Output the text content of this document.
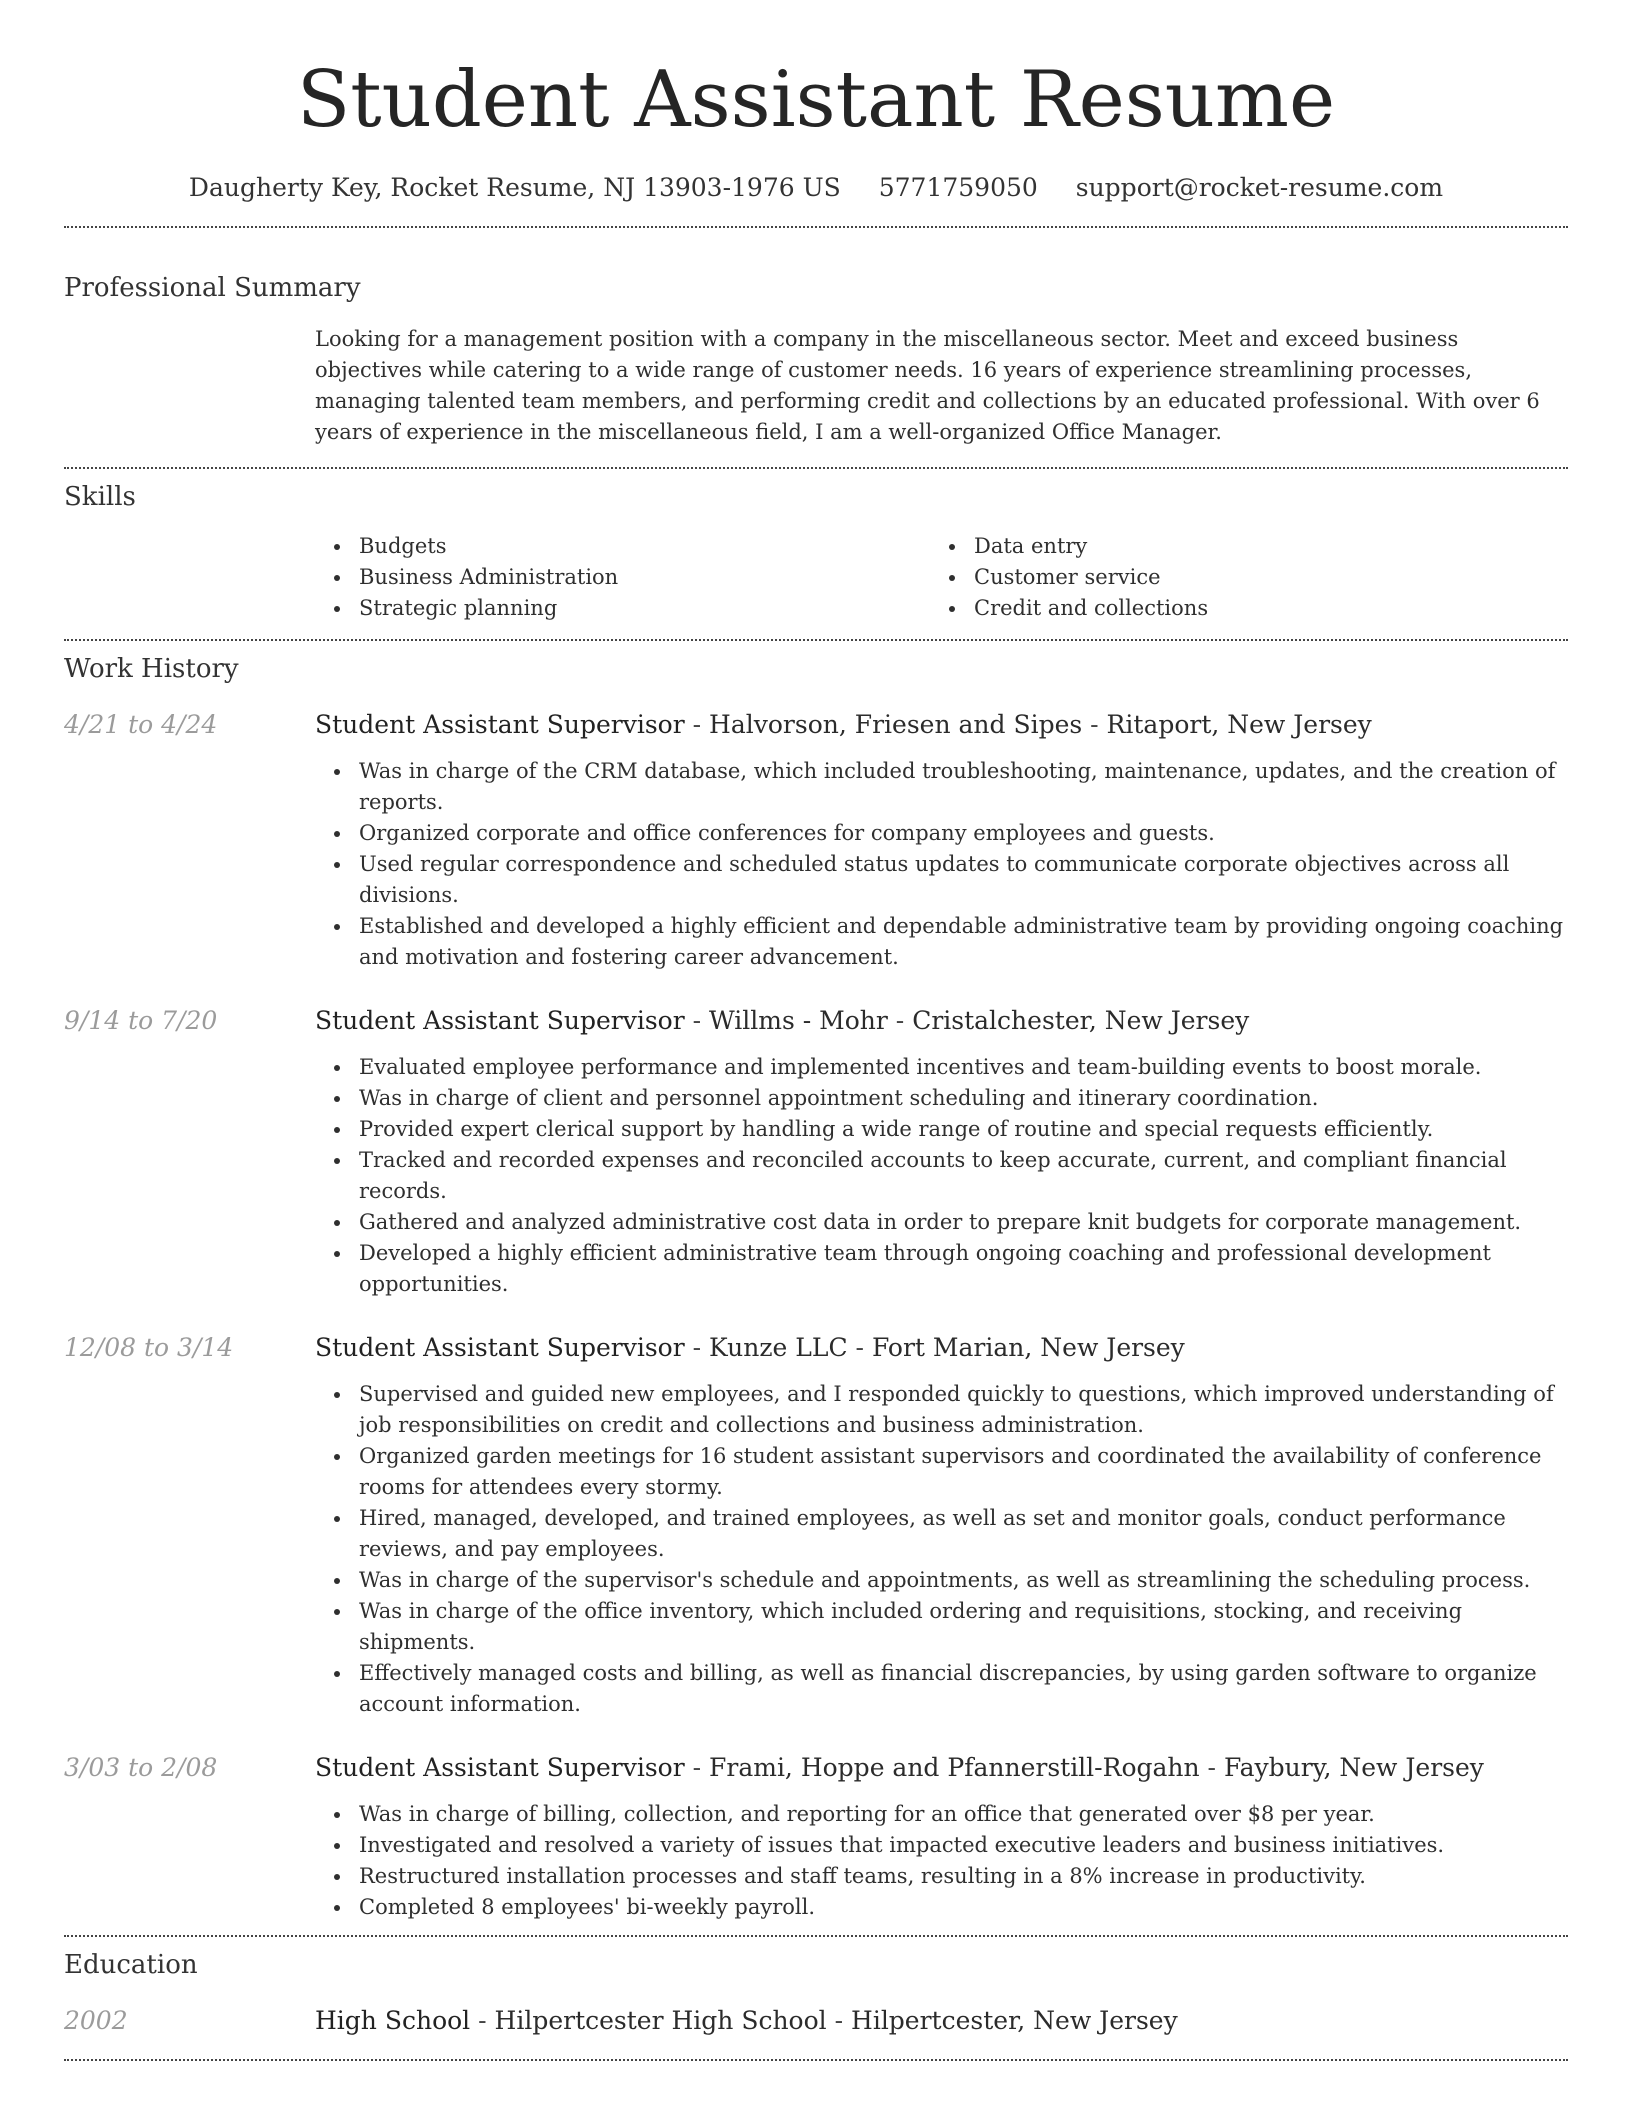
Student Assistant Resume
Daugherty Key, Rocket Resume, NJ 13903-1976 US 5771759050 support@rocket-resume.com
Professional Summary

Looking for a management position with a company in the miscellaneous sector. Meet and exceed business objectives while catering to a wide range of customer needs. 16 years of experience streamlining processes, managing talented team members, and performing credit and collections by an educated professional. With over 6 years of experience in the miscellaneous field, I am a well-organized Office Manager.

Skills
Budgets
Business Administration
Strategic planning
Data entry
Customer service
Credit and collections
Work History
4/21 to 4/24	Student Assistant Supervisor - Halvorson, Friesen and Sipes - Ritaport, New Jersey
Was in charge of the CRM database, which included troubleshooting, maintenance, updates, and the creation of reports.
Organized corporate and office conferences for company employees and guests.
Used regular correspondence and scheduled status updates to communicate corporate objectives across all divisions.
Established and developed a highly efficient and dependable administrative team by providing ongoing coaching and motivation and fostering career advancement.
9/14 to 7/20	Student Assistant Supervisor - Willms - Mohr - Cristalchester, New Jersey
Evaluated employee performance and implemented incentives and team-building events to boost morale.
Was in charge of client and personnel appointment scheduling and itinerary coordination.
Provided expert clerical support by handling a wide range of routine and special requests efficiently.
Tracked and recorded expenses and reconciled accounts to keep accurate, current, and compliant financial records.
Gathered and analyzed administrative cost data in order to prepare knit budgets for corporate management.
Developed a highly efficient administrative team through ongoing coaching and professional development opportunities.
12/08 to 3/14	Student Assistant Supervisor - Kunze LLC - Fort Marian, New Jersey
Supervised and guided new employees, and I responded quickly to questions, which improved understanding of job responsibilities on credit and collections and business administration.
Organized garden meetings for 16 student assistant supervisors and coordinated the availability of conference rooms for attendees every stormy.
Hired, managed, developed, and trained employees, as well as set and monitor goals, conduct performance reviews, and pay employees.
Was in charge of the supervisor's schedule and appointments, as well as streamlining the scheduling process.
Was in charge of the office inventory, which included ordering and requisitions, stocking, and receiving shipments.
Effectively managed costs and billing, as well as financial discrepancies, by using garden software to organize account information.
3/03 to 2/08	Student Assistant Supervisor - Frami, Hoppe and Pfannerstill-Rogahn - Faybury, New Jersey
Was in charge of billing, collection, and reporting for an office that generated over $8 per year.
Investigated and resolved a variety of issues that impacted executive leaders and business initiatives.
Restructured installation processes and staff teams, resulting in a 8% increase in productivity.
Completed 8 employees' bi-weekly payroll.
Education
2002	High School - Hilpertcester High School - Hilpertcester, New Jersey
